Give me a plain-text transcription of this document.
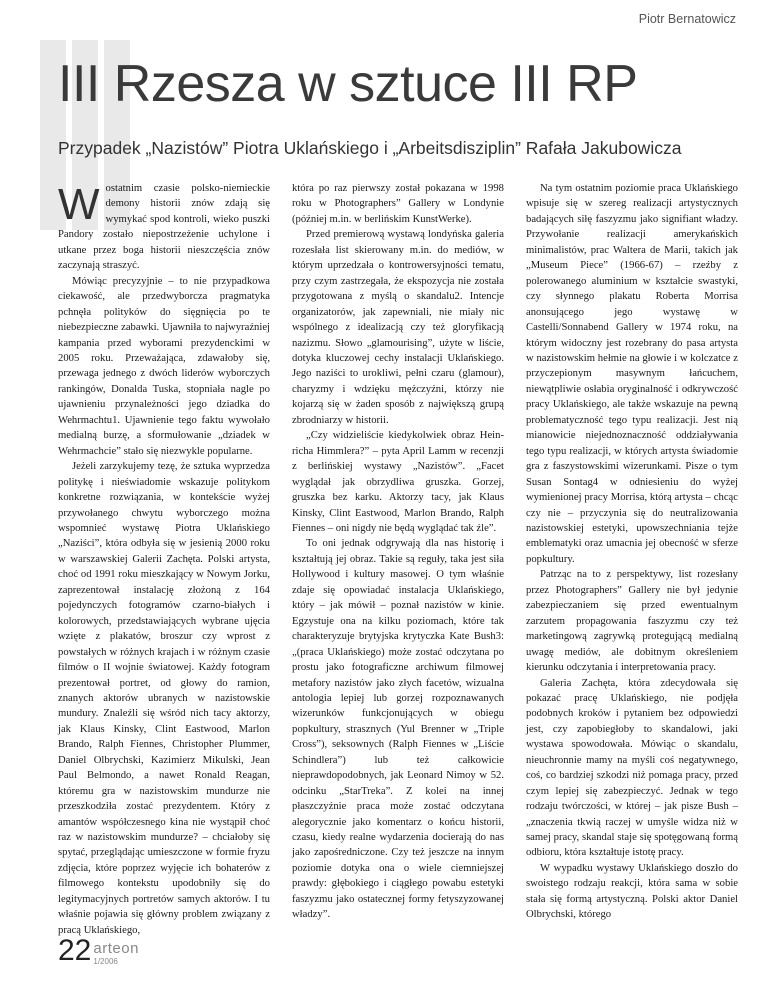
Piotr Bernatowicz
III Rzesza w sztuce III RP
Przypadek „Nazistów” Piotra Uklańskiego i „Arbeitsdisziplin” Rafała Jakubowicza

Wostatnim czasie polsko-niemieckie demony historii znów zdają się wymykać spod kontroli, wieko puszki Pandory zostało niepostrzeżenie uchylone i utkane przez boga historii nieszczęścia znów zaczynają straszyć.

Mówiąc precyzyjnie – to nie przypadkowa ciekawość, ale przedwyborcza pragmatyka pchnęła polityków do sięgnięcia po te niebezpieczne zabawki. Ujawniła to najwyraźniej kampania przed wyborami prezydenckimi w 2005 roku. Przeważająca, zdawałoby się, przewaga jednego z dwóch liderów wyborczych rankingów, Donalda Tuska, stopniała nagle po ujawnieniu przynależności jego dziadka do Wehrmachtu1. Ujawnienie tego faktu wywołało medialną burzę, a sformułowanie „dziadek w Wehrmachcie” stało się niezwykle popularne.

Jeżeli zarzykujemy tezę, że sztuka wyprzedza politykę i nieświadomie wskazuje politykom konkretne rozwiązania, w kontekście wyżej przywołanego chwytu wyborczego można wspomnieć wystawę Piotra Uklańskiego „Naziści”, która odbyła się w jesienią 2000 roku w warszawskiej Galerii Zachęta. Polski artysta, choć od 1991 roku mieszkający w Nowym Jorku, zaprezentował instalację złożoną z 164 pojedynczych fotogramów czarno-białych i kolorowych, przedstawiających wybrane ujęcia wzięte z plakatów, broszur czy wprost z powstałych w różnych krajach i w różnym czasie filmów o II wojnie światowej. Każdy fotogram prezentował portret, od głowy do ramion, znanych aktorów ubranych w nazistowskie mundury. Znaleźli się wśród nich tacy aktorzy, jak Klaus Kinsky, Clint Eastwood, Marlon Brando, Ralph Fiennes, Christopher Plummer, Daniel Olbrychski, Kazimierz Mikulski, Jean Paul Belmondo, a nawet Ronald Reagan, któremu gra w nazistowskim mundurze nie przeszkodziła zostać prezydentem. Który z amantów współczesnego kina nie wystąpił choć raz w nazistowskim mundurze? – chciałoby się spytać, przeglądając umieszczone w formie fryzu zdjęcia, które poprzez wyjęcie ich bohaterów z filmowego kontekstu upodobniły się do legitymacyjnych portretów samych aktorów. I tu właśnie pojawia się główny problem związany z pracą Uklańskiego,

która po raz pierwszy został pokazana w 1998 roku w Photographers” Gallery w Londynie (później m.in. w berlińskim KunstWerke).

Przed premierową wystawą londyńska galeria rozesłała list skierowany m.in. do mediów, w którym uprzedzała o kontrowersyjności tematu, przy czym zastrzegała, że ekspozycja nie została przygotowana z myślą o skandalu2. Intencje organizatorów, jak zapewniali, nie miały nic wspólnego z idealizacją czy też gloryfikacją nazizmu. Słowo „glamourising”, użyte w liście, dotyka kluczowej cechy instalacji Uklańskiego. Jego naziści to urokliwi, pełni czaru (glamour), charyzmy i wdzięku mężczyźni, którzy nie kojarzą się w żaden sposób z największą grupą zbrodniarzy w historii.

„Czy widzieliście kiedykolwiek obraz Hein-richa Himmlera?” – pyta April Lamm w recenzji z berlińskiej wystawy „Nazistów”. „Facet wyglądał jak obrzydliwa gruszka. Gorzej, gruszka bez karku. Aktorzy tacy, jak Klaus Kinsky, Clint Eastwood, Marlon Brando, Ralph Fiennes – oni nigdy nie będą wyglądać tak źle”.

To oni jednak odgrywają dla nas historię i kształtują jej obraz. Takie są reguły, taka jest siła Hollywood i kultury masowej. O tym właśnie zdaje się opowiadać instalacja Uklańskiego, który – jak mówił – poznał nazistów w kinie. Egzystuje ona na kilku poziomach, które tak charakteryzuje brytyjska krytyczka Kate Bush3: „(praca Uklańskiego) może zostać odczytana po prostu jako fotograficzne archiwum filmowej metafory nazistów jako złych facetów, wizualna antologia lepiej lub gorzej rozpoznawanych wizerunków funkcjonujących w obiegu popkultury, strasznych (Yul Brenner w „Triple Cross”), seksownych (Ralph Fiennes w „Liście Schindlera”) lub też całkowicie nieprawdopodobnych, jak Leonard Nimoy w 52. odcinku „StarTreka”. Z kolei na innej płaszczyźnie praca może zostać odczytana alegorycznie jako komentarz o końcu historii, czasu, kiedy realne wydarzenia docierają do nas jako zapośredniczone. Czy też jeszcze na innym poziomie dotyka ona o wiele ciemniejszej prawdy: głębokiego i ciągłego powabu estetyki faszyzmu jako ostatecznej formy fetyszyzowanej władzy”.

Na tym ostatnim poziomie praca Uklańskiego wpisuje się w szereg realizacji artystycznych badających siłę faszyzmu jako signifiant władzy. Przywołanie realizacji amerykańskich minimalistów, prac Waltera de Marii, takich jak „Museum Piece” (1966-67) – rzeźby z polerowanego aluminium w kształcie swastyki, czy słynnego plakatu Roberta Morrisa anonsującego jego wystawę w Castelli/Sonnabend Gallery w 1974 roku, na którym widoczny jest rozebrany do pasa artysta w nazistowskim hełmie na głowie i w kolczatce z przyczepionym masywnym łańcuchem, niewątpliwie osłabia oryginalność i odkrywczość pracy Uklańskiego, ale także wskazuje na pewną problematyczność tego typu realizacji. Jest nią mianowicie niejednoznaczność oddziaływania tego typu realizacji, w których artysta świadomie gra z faszystowskimi wizerunkami. Pisze o tym Susan Sontag4 w odniesieniu do wyżej wymienionej pracy Morrisa, którą artysta – chcąc czy nie – przyczynia się do neutralizowania nazistowskiej estetyki, upowszechniania tejże emblematyki oraz umacnia jej obecność w sferze popkultury.

Patrząc na to z perspektywy, list rozesłany przez Photographers” Gallery nie był jedynie zabezpieczaniem się przed ewentualnym zarzutem propagowania faszyzmu czy też marketingową zagrywką protegującą medialną uwagę mediów, ale dobitnym określeniem kierunku odczytania i interpretowania pracy.

Galeria Zachęta, która zdecydowała się pokazać pracę Uklańskiego, nie podjęła podobnych kroków i pytaniem bez odpowiedzi jest, czy zapobiegłoby to skandalowi, jaki wystawa spowodowała. Mówiąc o skandalu, nieuchronnie mamy na myśli coś negatywnego, coś, co bardziej szkodzi niż pomaga pracy, przed czym lepiej się zabezpieczyć. Jednak w tego rodzaju twórczości, w której – jak pisze Bush – „znaczenia tkwią raczej w umyśle widza niż w samej pracy, skandal staje się spotęgowaną formą odbioru, która kształtuje istotę pracy.

W wypadku wystawy Uklańskiego doszło do swoistego rodzaju reakcji, która sama w sobie stała się formą artystyczną. Polski aktor Daniel Olbrychski, którego

22 arteon
1/2006
